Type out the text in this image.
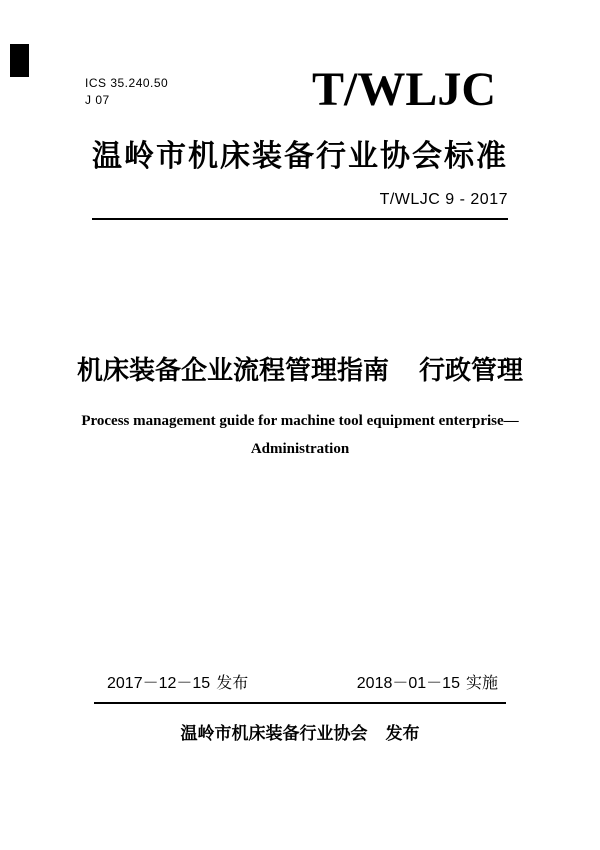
ICS 35.240.50
J 07	T/WLJC
温岭市机床装备行业协会标准
T/WLJC 9 - 2017
机床装备企业流程管理指南 行政管理
Process management guide for machine tool equipment enterprise—
Administration
2017－12－15 发布	2018－01－15 实施
温岭市机床装备行业协会 发布
